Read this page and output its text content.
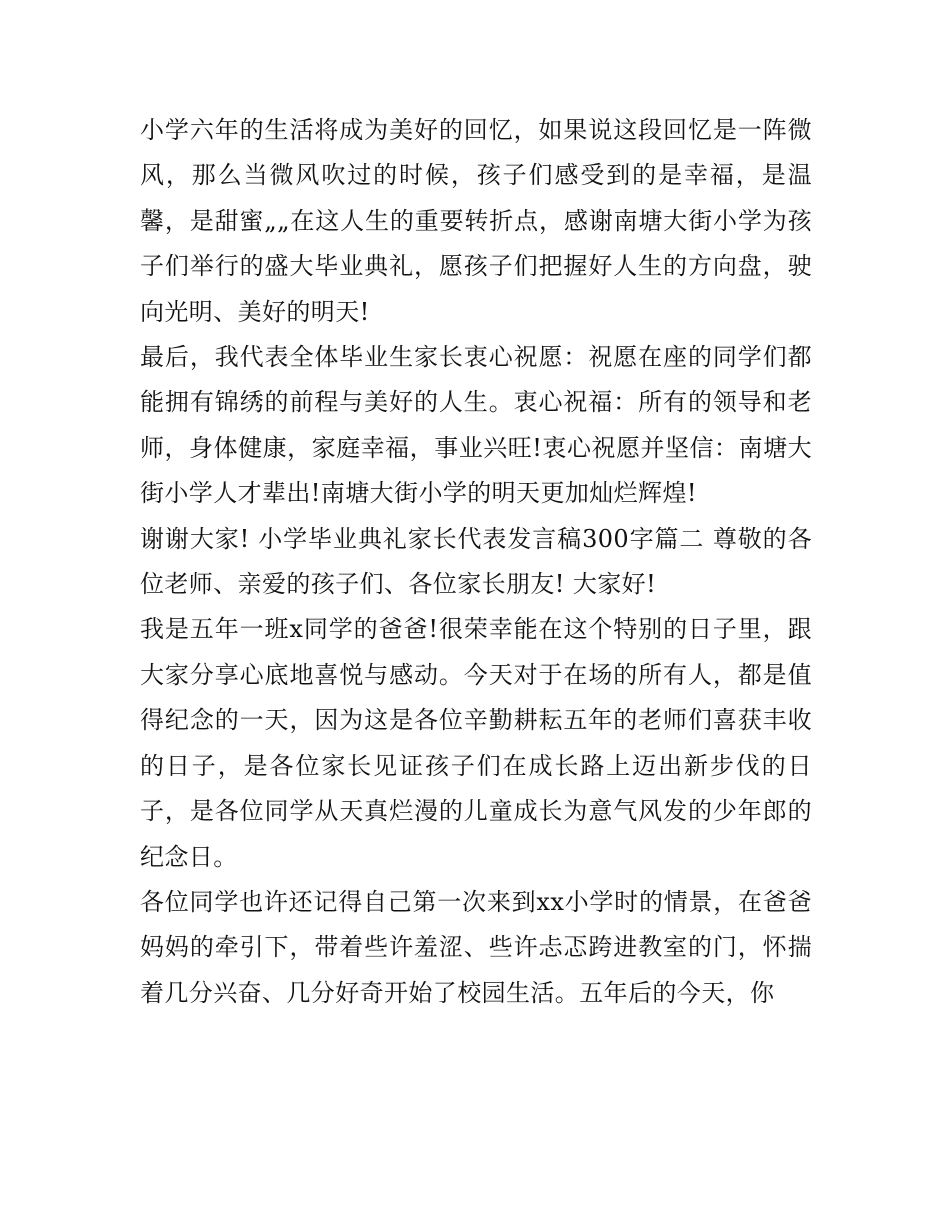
小学六年的生活将成为美好的回忆，如果说这段回忆是一阵微风，那么当微风吹过的时候，孩子们感受到的是幸福，是温馨，是甜蜜„„在这人生的重要转折点，感谢南塘大街小学为孩子们举行的盛大毕业典礼，愿孩子们把握好人生的方向盘，驶向光明、美好的明天!

最后，我代表全体毕业生家长衷心祝愿：祝愿在座的同学们都能拥有锦绣的前程与美好的人生。衷心祝福：所有的领导和老师，身体健康，家庭幸福，事业兴旺!衷心祝愿并坚信：南塘大街小学人才辈出!南塘大街小学的明天更加灿烂辉煌!

谢谢大家! 小学毕业典礼家长代表发言稿300字篇二 尊敬的各位老师、亲爱的孩子们、各位家长朋友! 大家好!

我是五年一班x同学的爸爸!很荣幸能在这个特别的日子里，跟大家分享心底地喜悦与感动。今天对于在场的所有人，都是值得纪念的一天，因为这是各位辛勤耕耘五年的老师们喜获丰收的日子，是各位家长见证孩子们在成长路上迈出新步伐的日子，是各位同学从天真烂漫的儿童成长为意气风发的少年郎的纪念日。

各位同学也许还记得自己第一次来到xx小学时的情景，在爸爸妈妈的牵引下，带着些许羞涩、些许忐忑跨进教室的门，怀揣着几分兴奋、几分好奇开始了校园生活。五年后的今天，你
